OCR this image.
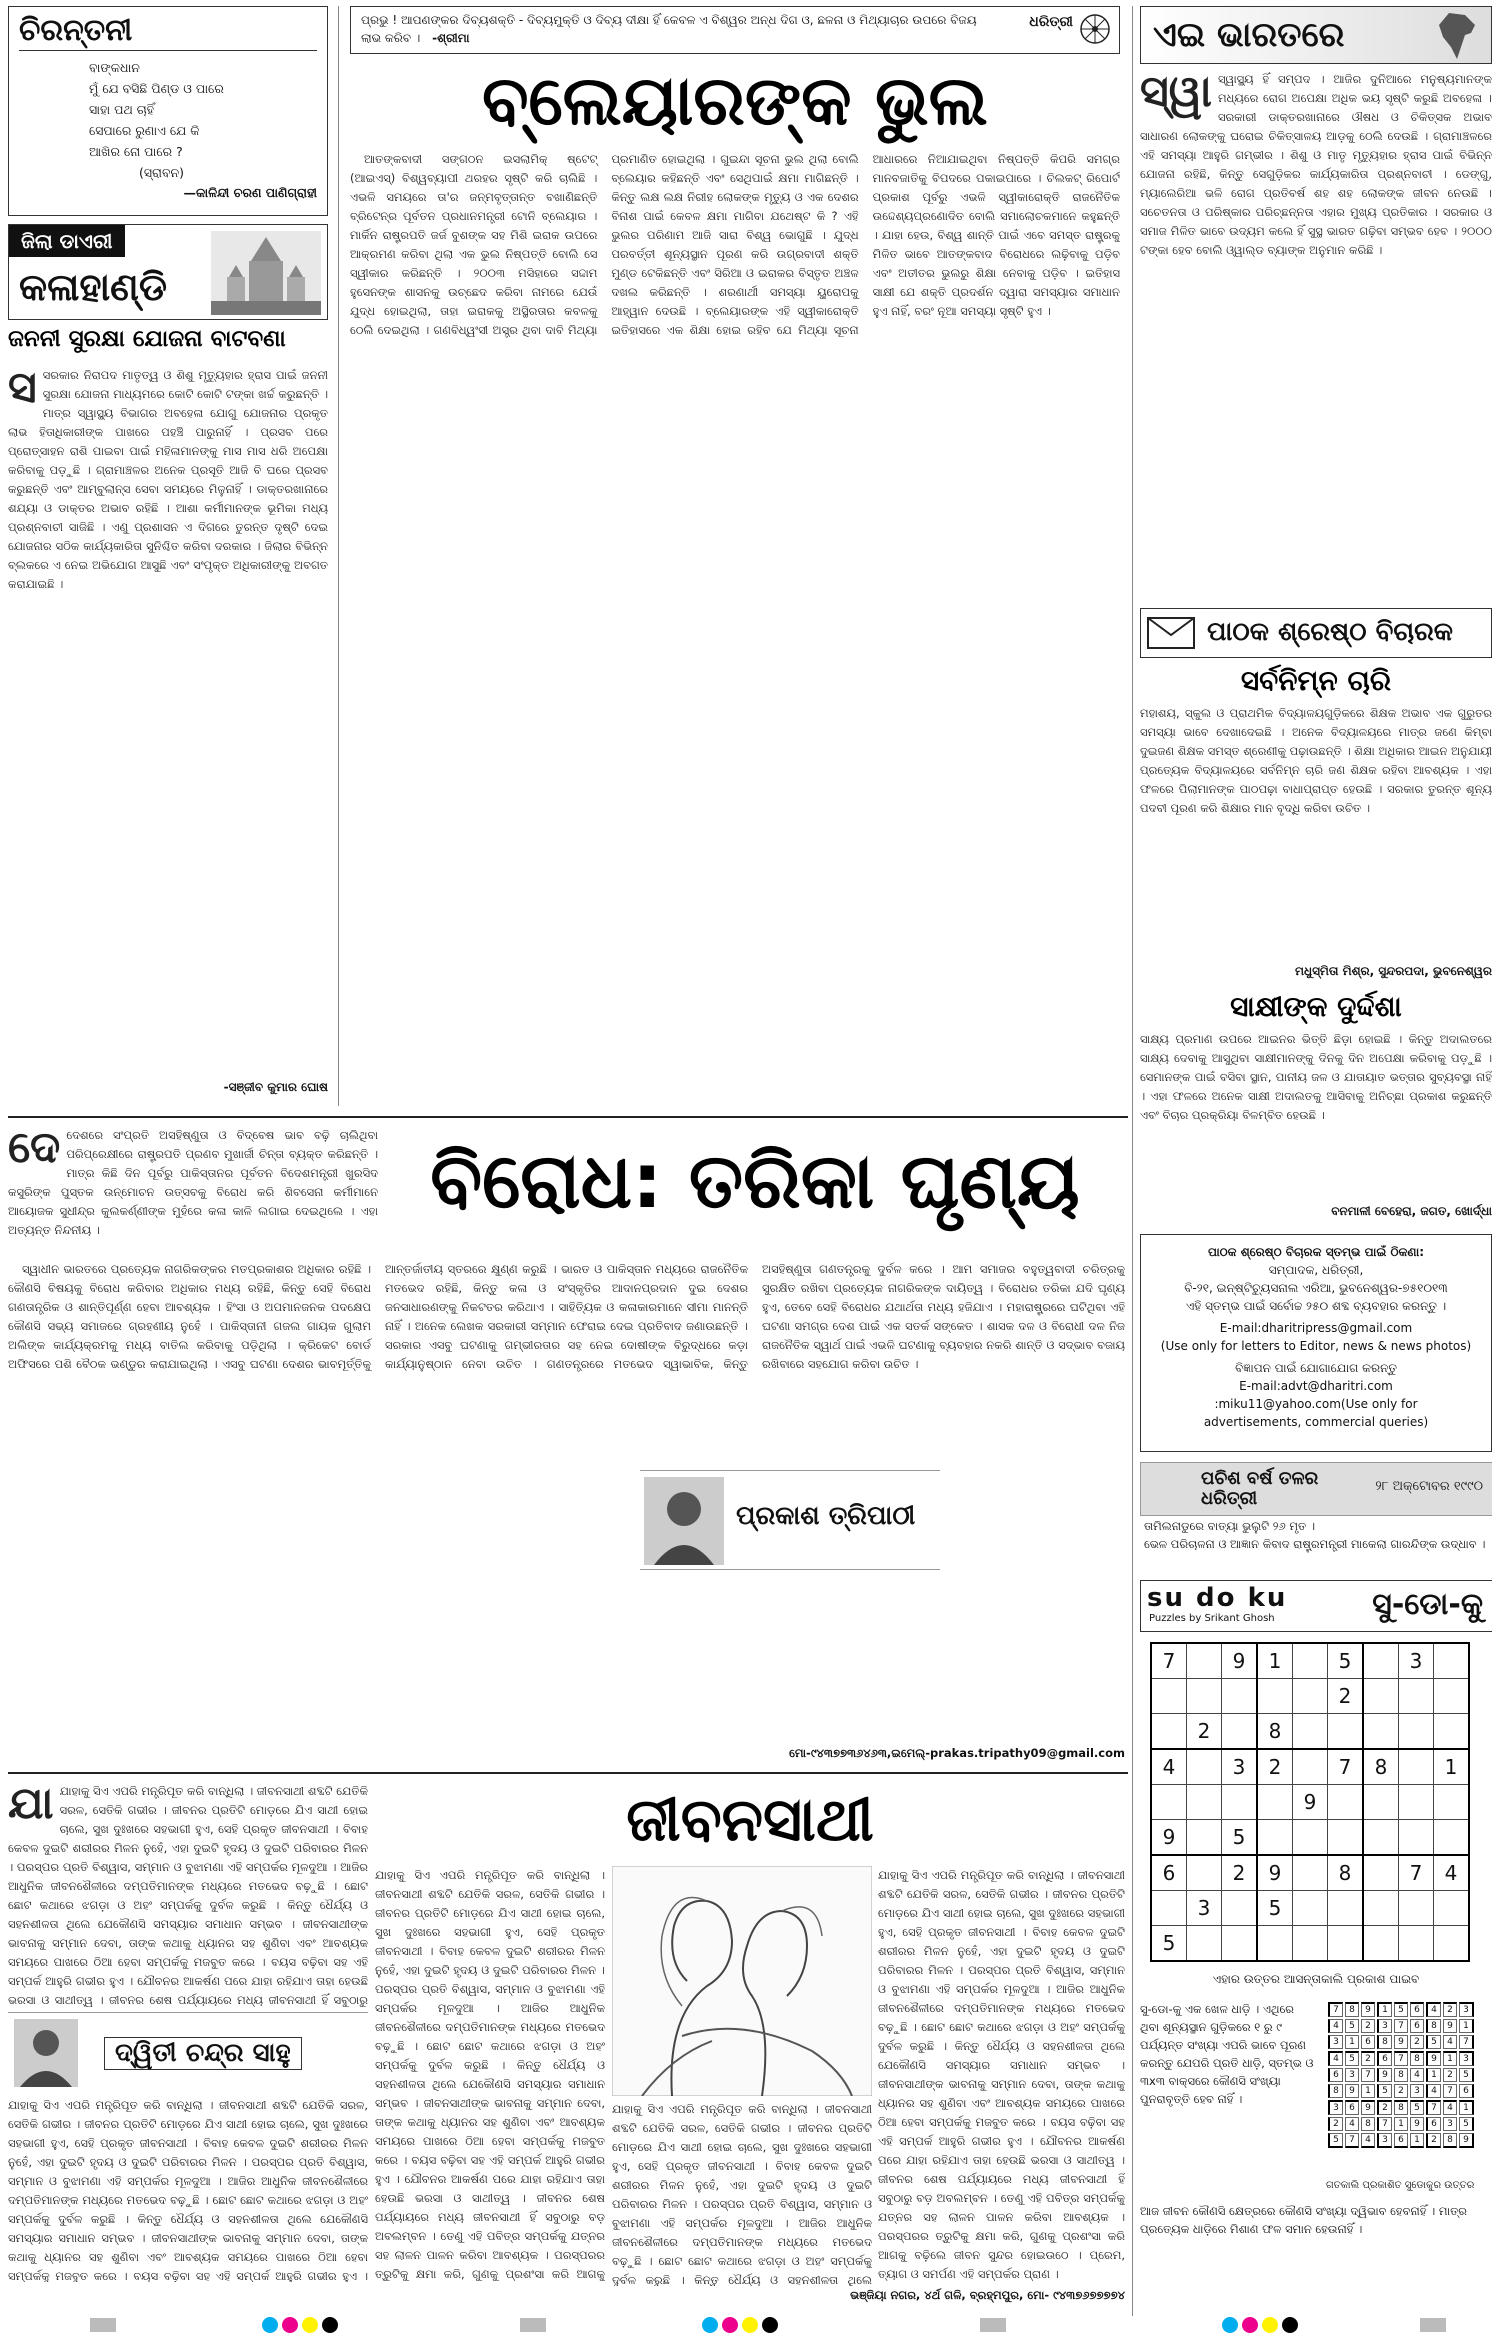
ଚିରନ୍ତନୀ
ବାଙ୍କଧାନ
ମୁଁ ଯେ ବସିଛି ପିଣ୍ଡ ଓ ପାରେ
ସାହା ପଥ ଚାହିଁ
ସେପାରେ ରୁଣାଏ ଯେ କି
ଆଖିର ନୋ ପାରେ ?
(ସ୍ରାବନ)
—କାଳିନ୍ଦୀ ଚରଣ ପାଣିଗ୍ରାହୀ
ଜିଲା ଡାଏରୀ
କଳାହାଣ୍ଡି
ଜନନୀ ସୁରକ୍ଷା ଯୋଜନା ବାଟବଣା
ସ ସରକାର ନିରାପଦ ମାତୃତ୍ୱ ଓ ଶିଶୁ ମୃତ୍ୟୁହାର ହ୍ରାସ ପାଇଁ ଜନନୀ ସୁରକ୍ଷା ଯୋଜନା ମାଧ୍ୟମରେ କୋଟି କୋଟି ଟଙ୍କା ଖର୍ଚ୍ଚ କରୁଛନ୍ତି । ମାତ୍ର ସ୍ୱାସ୍ଥ୍ୟ ବିଭାଗର ଅବହେଳା ଯୋଗୁ ଯୋଜନାର ପ୍ରକୃତ ଲାଭ ହିତାଧିକାରୀଙ୍କ ପାଖରେ ପହଞ୍ଚି ପାରୁନାହିଁ । ପ୍ରସବ ପରେ ପ୍ରୋତ୍ସାହନ ରାଶି ପାଇବା ପାଇଁ ମହିଳାମାନଙ୍କୁ ମାସ ମାସ ଧରି ଅପେକ୍ଷା କରିବାକୁ ପଡ଼ୁଛି । ଗ୍ରାମାଞ୍ଚଳର ଅନେକ ପ୍ରସୂତି ଆଜି ବି ଘରେ ପ୍ରସବ କରୁଛନ୍ତି ଏବଂ ଆମ୍ବୁଲାନ୍ସ ସେବା ସମୟରେ ମିଳୁନାହିଁ । ଡାକ୍ତରଖାନାରେ ଶଯ୍ୟା ଓ ଡାକ୍ତର ଅଭାବ ରହିଛି । ଆଶା କର୍ମୀମାନଙ୍କ ଭୂମିକା ମଧ୍ୟ ପ୍ରଶ୍ନବାଚୀ ସାଜିଛି । ଏଣୁ ପ୍ରଶାସନ ଏ ଦିଗରେ ତୁରନ୍ତ ଦୃଷ୍ଟି ଦେଇ ଯୋଜନାର ସଠିକ କାର୍ଯ୍ୟକାରିତା ସୁନିଶ୍ଚିତ କରିବା ଦରକାର । ଜିଲାର ବିଭିନ୍ନ ବ୍ଲକରେ ଏ ନେଇ ଅଭିଯୋଗ ଆସୁଛି ଏବଂ ସଂପୃକ୍ତ ଅଧିକାରୀଙ୍କୁ ଅବଗତ କରାଯାଇଛି ।
-ସଞ୍ଜୀବ କୁମାର ଘୋଷ
ପ୍ରଭୁ ! ଆପଣଙ୍କର ଦିବ୍ୟଶକ୍ତି - ଦିବ୍ୟମୁକ୍ତି ଓ ଦିବ୍ୟ ଦୀକ୍ଷା ହିଁ କେବଳ ଏ ବିଶ୍ୱର ଅନ୍ଧ ଦିଗ ଓ, ଛଳନା ଓ ମିଥ୍ୟାଚାର ଉପରେ ବିଜୟ ଲାଭ କରିବ । -ଶ୍ରୀମା
ଧରିତ୍ରୀ
ବ୍ଲେୟାରଙ୍କ ଭୁଲ

ଆତଙ୍କବାଦୀ ସଙ୍ଗଠନ ଇସଲାମିକ୍ ଷ୍ଟେଟ୍ (ଆଇଏସ୍) ବିଶ୍ୱବ୍ୟାପୀ ଥରହର ସୃଷ୍ଟି କରି ଚାଲିଛି । ଏଭଳି ସମୟରେ ତା'ର ଜନ୍ମବୃତ୍ତାନ୍ତ ବଖାଣିଛନ୍ତି ବ୍ରିଟେନ୍‌ର ପୂର୍ବତନ ପ୍ରଧାନମନ୍ତ୍ରୀ ଟୋନି ବ୍ଲେୟାର । ମାର୍କିନ ରାଷ୍ଟ୍ରପତି ଜର୍ଜ ବୁଶଙ୍କ ସହ ମିଶି ଇରାକ ଉପରେ ଆକ୍ରମଣ କରିବା ଥିଲା ଏକ ଭୁଲ ନିଷ୍ପତ୍ତି ବୋଲି ସେ ସ୍ୱୀକାର କରିଛନ୍ତି । ୨୦୦୩ ମସିହାରେ ସଦ୍ଦାମ ହୁସେନଙ୍କ ଶାସନକୁ ଉଚ୍ଛେଦ କରିବା ନାମରେ ଯେଉଁ ଯୁଦ୍ଧ ହୋଇଥିଲା, ତାହା ଇରାକକୁ ଅସ୍ଥିରତାର କବଳକୁ ଠେଲି ଦେଇଥିଲା । ଗଣବିଧ୍ୱଂସୀ ଅସ୍ତ୍ର ଥିବା ଦାବି ମିଥ୍ୟା ପ୍ରମାଣିତ ହୋଇଥିଲା । ଗୁଇନ୍ଦା ସୂଚନା ଭୁଲ ଥିଲା ବୋଲି ବ୍ଲେୟାର କହିଛନ୍ତି ଏବଂ ସେଥିପାଇଁ କ୍ଷମା ମାଗିଛନ୍ତି । କିନ୍ତୁ ଲକ୍ଷ ଲକ୍ଷ ନିରୀହ ଲୋକଙ୍କ ମୃତ୍ୟୁ ଓ ଏକ ଦେଶର ବିନାଶ ପାଇଁ କେବଳ କ୍ଷମା ମାଗିବା ଯଥେଷ୍ଟ କି ? ଏହି ଭୁଲର ପରିଣାମ ଆଜି ସାରା ବିଶ୍ୱ ଭୋଗୁଛି । ଯୁଦ୍ଧ ପରବର୍ତ୍ତୀ ଶୂନ୍ୟସ୍ଥାନ ପୂରଣ କରି ଉଗ୍ରବାଦୀ ଶକ୍ତି ମୁଣ୍ଡ ଟେକିଛନ୍ତି ଏବଂ ସିରିଆ ଓ ଇରାକର ବିସ୍ତୃତ ଅଞ୍ଚଳ ଦଖଲ କରିଛନ୍ତି । ଶରଣାର୍ଥୀ ସମସ୍ୟା ୟୁରୋପକୁ ଆହ୍ୱାନ ଦେଉଛି । ବ୍ଲେୟାରଙ୍କ ଏହି ସ୍ୱୀକାରୋକ୍ତି ଇତିହାସରେ ଏକ ଶିକ୍ଷା ହୋଇ ରହିବ ଯେ ମିଥ୍ୟା ସୂଚନା ଆଧାରରେ ନିଆଯାଇଥିବା ନିଷ୍ପତ୍ତି କିପରି ସମଗ୍ର ମାନବଜାତିକୁ ବିପଦରେ ପକାଇପାରେ । ଚିଲକଟ୍ ରିପୋର୍ଟ ପ୍ରକାଶ ପୂର୍ବରୁ ଏଭଳି ସ୍ୱୀକାରୋକ୍ତି ରାଜନୈତିକ ଉଦ୍ଦେଶ୍ୟପ୍ରଣୋଦିତ ବୋଲି ସମାଲୋଚକମାନେ କହୁଛନ୍ତି । ଯାହା ହେଉ, ବିଶ୍ୱ ଶାନ୍ତି ପାଇଁ ଏବେ ସମସ୍ତ ରାଷ୍ଟ୍ରକୁ ମିଳିତ ଭାବେ ଆତଙ୍କବାଦ ବିରୋଧରେ ଲଢ଼ିବାକୁ ପଡ଼ିବ ଏବଂ ଅତୀତର ଭୁଲରୁ ଶିକ୍ଷା ନେବାକୁ ପଡ଼ିବ । ଇତିହାସ ସାକ୍ଷୀ ଯେ ଶକ୍ତି ପ୍ରଦର୍ଶନ ଦ୍ୱାରା ସମସ୍ୟାର ସମାଧାନ ହୁଏ ନାହିଁ, ବରଂ ନୂଆ ସମସ୍ୟା ସୃଷ୍ଟି ହୁଏ ।

ଦେ ଦେଶରେ ସଂପ୍ରତି ଅସହିଷ୍ଣୁତା ଓ ବିଦ୍ବେଷ ଭାବ ବଢ଼ି ଚାଲିଥିବା ପରିପ୍ରେକ୍ଷୀରେ ରାଷ୍ଟ୍ରପତି ପ୍ରଣବ ମୁଖାର୍ଜୀ ଚିନ୍ତା ବ୍ୟକ୍ତ କରିଛନ୍ତି । ମାତ୍ର କିଛି ଦିନ ପୂର୍ବରୁ ପାକିସ୍ତାନର ପୂର୍ବତନ ବିଦେଶମନ୍ତ୍ରୀ ଖୁରସିଦ କସୁରିଙ୍କ ପୁସ୍ତକ ଉନ୍ମୋଚନ ଉତ୍ସବକୁ ବିରୋଧ କରି ଶିବସେନା କର୍ମୀମାନେ ଆୟୋଜକ ସୁଧୀନ୍ଦ୍ର କୁଲକର୍ଣ୍ଣୀଙ୍କ ମୁହଁରେ କଳା କାଳି ଲଗାଇ ଦେଇଥିଲେ । ଏହା ଅତ୍ୟନ୍ତ ନିନ୍ଦନୀୟ ।
ବିରୋଧ: ତରିକା ଘୃଣ୍ୟ

ସ୍ୱାଧୀନ ଭାରତରେ ପ୍ରତ୍ୟେକ ନାଗରିକଙ୍କର ମତପ୍ରକାଶର ଅଧିକାର ରହିଛି । କୌଣସି ବିଷୟକୁ ବିରୋଧ କରିବାର ଅଧିକାର ମଧ୍ୟ ରହିଛି, କିନ୍ତୁ ସେହି ବିରୋଧ ଗଣତାନ୍ତ୍ରିକ ଓ ଶାନ୍ତିପୂର୍ଣ୍ଣ ହେବା ଆବଶ୍ୟକ । ହିଂସା ଓ ଅପମାନଜନକ ପଦକ୍ଷେପ କୌଣସି ସଭ୍ୟ ସମାଜରେ ଗ୍ରହଣୀୟ ନୁହେଁ । ପାକିସ୍ତାନୀ ଗଜଲ ଗାୟକ ଗୁଲାମ ଅଲିଙ୍କ କାର୍ଯ୍ୟକ୍ରମକୁ ମଧ୍ୟ ବାତିଲ କରିବାକୁ ପଡ଼ିଥିଲା । କ୍ରିକେଟ ବୋର୍ଡ ଅଫିସରେ ପଶି ବୈଠକ ଭଣ୍ଡୁର କରାଯାଇଥିଲା । ଏସବୁ ଘଟଣା ଦେଶର ଭାବମୂର୍ତ୍ତିକୁ ଆନ୍ତର୍ଜାତୀୟ ସ୍ତରରେ କ୍ଷୁଣ୍ଣ କରୁଛି । ଭାରତ ଓ ପାକିସ୍ତାନ ମଧ୍ୟରେ ରାଜନୈତିକ ମତଭେଦ ରହିଛି, କିନ୍ତୁ କଳା ଓ ସଂସ୍କୃତିର ଆଦାନପ୍ରଦାନ ଦୁଇ ଦେଶର ଜନସାଧାରଣଙ୍କୁ ନିକଟତର କରିଥାଏ । ସାହିତ୍ୟିକ ଓ କଳାକାରମାନେ ସୀମା ମାନନ୍ତି ନାହିଁ । ଅନେକ ଲେଖକ ସରକାରୀ ସମ୍ମାନ ଫେରାଇ ଦେଇ ପ୍ରତିବାଦ ଜଣାଉଛନ୍ତି । ସରକାର ଏସବୁ ଘଟଣାକୁ ଗମ୍ଭୀରତାର ସହ ନେଇ ଦୋଷୀଙ୍କ ବିରୁଦ୍ଧରେ କଡ଼ା କାର୍ଯ୍ୟାନୁଷ୍ଠାନ ନେବା ଉଚିତ । ଗଣତନ୍ତ୍ରରେ ମତଭେଦ ସ୍ୱାଭାବିକ, କିନ୍ତୁ ଅସହିଷ୍ଣୁତା ଗଣତନ୍ତ୍ରକୁ ଦୁର୍ବଳ କରେ । ଆମ ସମାଜର ବହୁତ୍ୱବାଦୀ ଚରିତ୍ରକୁ ସୁରକ୍ଷିତ ରଖିବା ପ୍ରତ୍ୟେକ ନାଗରିକଙ୍କ ଦାୟିତ୍ୱ । ବିରୋଧର ତରିକା ଯଦି ଘୃଣ୍ୟ ହୁଏ, ତେବେ ସେହି ବିରୋଧର ଯଥାର୍ଥତା ମଧ୍ୟ ହଜିଯାଏ । ମହାରାଷ୍ଟ୍ରରେ ଘଟିଥିବା ଏହି ଘଟଣା ସମଗ୍ର ଦେଶ ପାଇଁ ଏକ ସତର୍କ ସଙ୍କେତ । ଶାସକ ଦଳ ଓ ବିରୋଧୀ ଦଳ ନିଜ ରାଜନୈତିକ ସ୍ୱାର୍ଥ ପାଇଁ ଏଭଳି ଘଟଣାକୁ ବ୍ୟବହାର ନକରି ଶାନ୍ତି ଓ ସଦ୍ଭାବ ବଜାୟ ରଖିବାରେ ସହଯୋଗ କରିବା ଉଚିତ ।

ପ୍ରକାଶ ତ୍ରିପାଠୀ
ମୋ-୯୪୩୭୭୩୬୪୬୩,ଇମେଲ୍-prakas.tripathy09@gmail.com
ଯା ଯାହାକୁ ସିଏ ଏପରି ମନ୍ତ୍ରିପୂତ କରି ବାନ୍ଧିଲା । ଜୀବନସାଥୀ ଶବ୍ଦଟି ଯେତିକି ସରଳ, ସେତିକି ଗଭୀର । ଜୀବନର ପ୍ରତିଟି ମୋଡ଼ରେ ଯିଏ ସାଥୀ ହୋଇ ଚାଲେ, ସୁଖ ଦୁଃଖରେ ସହଭାଗୀ ହୁଏ, ସେହି ପ୍ରକୃତ ଜୀବନସାଥୀ । ବିବାହ କେବଳ ଦୁଇଟି ଶରୀରର ମିଳନ ନୁହେଁ, ଏହା ଦୁଇଟି ହୃଦୟ ଓ ଦୁଇଟି ପରିବାରର ମିଳନ । ପରସ୍ପର ପ୍ରତି ବିଶ୍ୱାସ, ସମ୍ମାନ ଓ ବୁଝାମଣା ଏହି ସମ୍ପର୍କର ମୂଳଦୁଆ । ଆଜିର ଆଧୁନିକ ଜୀବନଶୈଳୀରେ ଦମ୍ପତିମାନଙ୍କ ମଧ୍ୟରେ ମତଭେଦ ବଢ଼ୁଛି । ଛୋଟ ଛୋଟ କଥାରେ ଝଗଡ଼ା ଓ ଅହଂ ସମ୍ପର୍କକୁ ଦୁର୍ବଳ କରୁଛି । କିନ୍ତୁ ଧୈର୍ଯ୍ୟ ଓ ସହନଶୀଳତା ଥିଲେ ଯେକୌଣସି ସମସ୍ୟାର ସମାଧାନ ସମ୍ଭବ । ଜୀବନସାଥୀଙ୍କ ଭାବନାକୁ ସମ୍ମାନ ଦେବା, ତାଙ୍କ କଥାକୁ ଧ୍ୟାନର ସହ ଶୁଣିବା ଏବଂ ଆବଶ୍ୟକ ସମୟରେ ପାଖରେ ଠିଆ ହେବା ସମ୍ପର୍କକୁ ମଜବୁତ କରେ । ବୟସ ବଢ଼ିବା ସହ ଏହି ସମ୍ପର୍କ ଆହୁରି ଗଭୀର ହୁଏ । ଯୌବନର ଆକର୍ଷଣ ପରେ ଯାହା ରହିଯାଏ ତାହା ହେଉଛି ଭରସା ଓ ସାଥୀତ୍ୱ । ଜୀବନର ଶେଷ ପର୍ଯ୍ୟାୟରେ ମଧ୍ୟ ଜୀବନସାଥୀ ହିଁ ସବୁଠାରୁ
ଦ୍ୱିତୀ ଚନ୍ଦ୍ର ସାହୁ
ଯାହାକୁ ସିଏ ଏପରି ମନ୍ତ୍ରିପୂତ କରି ବାନ୍ଧିଲା । ଜୀବନସାଥୀ ଶବ୍ଦଟି ଯେତିକି ସରଳ, ସେତିକି ଗଭୀର । ଜୀବନର ପ୍ରତିଟି ମୋଡ଼ରେ ଯିଏ ସାଥୀ ହୋଇ ଚାଲେ, ସୁଖ ଦୁଃଖରେ ସହଭାଗୀ ହୁଏ, ସେହି ପ୍ରକୃତ ଜୀବନସାଥୀ । ବିବାହ କେବଳ ଦୁଇଟି ଶରୀରର ମିଳନ ନୁହେଁ, ଏହା ଦୁଇଟି ହୃଦୟ ଓ ଦୁଇଟି ପରିବାରର ମିଳନ । ପରସ୍ପର ପ୍ରତି ବିଶ୍ୱାସ, ସମ୍ମାନ ଓ ବୁଝାମଣା ଏହି ସମ୍ପର୍କର ମୂଳଦୁଆ । ଆଜିର ଆଧୁନିକ ଜୀବନଶୈଳୀରେ ଦମ୍ପତିମାନଙ୍କ ମଧ୍ୟରେ ମତଭେଦ ବଢ଼ୁଛି । ଛୋଟ ଛୋଟ କଥାରେ ଝଗଡ଼ା ଓ ଅହଂ ସମ୍ପର୍କକୁ ଦୁର୍ବଳ କରୁଛି । କିନ୍ତୁ ଧୈର୍ଯ୍ୟ ଓ ସହନଶୀଳତା ଥିଲେ ଯେକୌଣସି ସମସ୍ୟାର ସମାଧାନ ସମ୍ଭବ । ଜୀବନସାଥୀଙ୍କ ଭାବନାକୁ ସମ୍ମାନ ଦେବା, ତାଙ୍କ କଥାକୁ ଧ୍ୟାନର ସହ ଶୁଣିବା ଏବଂ ଆବଶ୍ୟକ ସମୟରେ ପାଖରେ ଠିଆ ହେବା ସମ୍ପର୍କକୁ ମଜବୁତ କରେ । ବୟସ ବଢ଼ିବା ସହ ଏହି ସମ୍ପର୍କ ଆହୁରି ଗଭୀର ହୁଏ ।
ଜୀବନସାଥୀ
ଯାହାକୁ ସିଏ ଏପରି ମନ୍ତ୍ରିପୂତ କରି ବାନ୍ଧିଲା । ଜୀବନସାଥୀ ଶବ୍ଦଟି ଯେତିକି ସରଳ, ସେତିକି ଗଭୀର । ଜୀବନର ପ୍ରତିଟି ମୋଡ଼ରେ ଯିଏ ସାଥୀ ହୋଇ ଚାଲେ, ସୁଖ ଦୁଃଖରେ ସହଭାଗୀ ହୁଏ, ସେହି ପ୍ରକୃତ ଜୀବନସାଥୀ । ବିବାହ କେବଳ ଦୁଇଟି ଶରୀରର ମିଳନ ନୁହେଁ, ଏହା ଦୁଇଟି ହୃଦୟ ଓ ଦୁଇଟି ପରିବାରର ମିଳନ । ପରସ୍ପର ପ୍ରତି ବିଶ୍ୱାସ, ସମ୍ମାନ ଓ ବୁଝାମଣା ଏହି ସମ୍ପର୍କର ମୂଳଦୁଆ । ଆଜିର ଆଧୁନିକ ଜୀବନଶୈଳୀରେ ଦମ୍ପତିମାନଙ୍କ ମଧ୍ୟରେ ମତଭେଦ ବଢ଼ୁଛି । ଛୋଟ ଛୋଟ କଥାରେ ଝଗଡ଼ା ଓ ଅହଂ ସମ୍ପର୍କକୁ ଦୁର୍ବଳ କରୁଛି । କିନ୍ତୁ ଧୈର୍ଯ୍ୟ ଓ ସହନଶୀଳତା ଥିଲେ ଯେକୌଣସି ସମସ୍ୟାର ସମାଧାନ ସମ୍ଭବ । ଜୀବନସାଥୀଙ୍କ ଭାବନାକୁ ସମ୍ମାନ ଦେବା, ତାଙ୍କ କଥାକୁ ଧ୍ୟାନର ସହ ଶୁଣିବା ଏବଂ ଆବଶ୍ୟକ ସମୟରେ ପାଖରେ ଠିଆ ହେବା ସମ୍ପର୍କକୁ ମଜବୁତ କରେ । ବୟସ ବଢ଼ିବା ସହ ଏହି ସମ୍ପର୍କ ଆହୁରି ଗଭୀର ହୁଏ । ଯୌବନର ଆକର୍ଷଣ ପରେ ଯାହା ରହିଯାଏ ତାହା ହେଉଛି ଭରସା ଓ ସାଥୀତ୍ୱ । ଜୀବନର ଶେଷ ପର୍ଯ୍ୟାୟରେ ମଧ୍ୟ ଜୀବନସାଥୀ ହିଁ ସବୁଠାରୁ ବଡ଼ ଅବଲମ୍ବନ । ତେଣୁ ଏହି ପବିତ୍ର ସମ୍ପର୍କକୁ ଯତ୍ନର ସହ ଲାଳନ ପାଳନ କରିବା ଆବଶ୍ୟକ । ପରସ୍ପରର ତ୍ରୁଟିକୁ କ୍ଷମା କରି, ଗୁଣକୁ ପ୍ରଶଂସା କରି ଆଗକୁ
ଯାହାକୁ ସିଏ ଏପରି ମନ୍ତ୍ରିପୂତ କରି ବାନ୍ଧିଲା । ଜୀବନସାଥୀ ଶବ୍ଦଟି ଯେତିକି ସରଳ, ସେତିକି ଗଭୀର । ଜୀବନର ପ୍ରତିଟି ମୋଡ଼ରେ ଯିଏ ସାଥୀ ହୋଇ ଚାଲେ, ସୁଖ ଦୁଃଖରେ ସହଭାଗୀ ହୁଏ, ସେହି ପ୍ରକୃତ ଜୀବନସାଥୀ । ବିବାହ କେବଳ ଦୁଇଟି ଶରୀରର ମିଳନ ନୁହେଁ, ଏହା ଦୁଇଟି ହୃଦୟ ଓ ଦୁଇଟି ପରିବାରର ମିଳନ । ପରସ୍ପର ପ୍ରତି ବିଶ୍ୱାସ, ସମ୍ମାନ ଓ ବୁଝାମଣା ଏହି ସମ୍ପର୍କର ମୂଳଦୁଆ । ଆଜିର ଆଧୁନିକ ଜୀବନଶୈଳୀରେ ଦମ୍ପତିମାନଙ୍କ ମଧ୍ୟରେ ମତଭେଦ ବଢ଼ୁଛି । ଛୋଟ ଛୋଟ କଥାରେ ଝଗଡ଼ା ଓ ଅହଂ ସମ୍ପର୍କକୁ ଦୁର୍ବଳ କରୁଛି । କିନ୍ତୁ ଧୈର୍ଯ୍ୟ ଓ ସହନଶୀଳତା ଥିଲେ ଯେକୌଣସି ସମସ୍ୟାର ସମାଧାନ ସମ୍ଭବ । ଜୀବନସାଥୀଙ୍କ ଭାବନାକୁ ସମ୍ମାନ ଦେବା, ତାଙ୍କ କଥାକୁ ଧ୍ୟାନର ସହ ଶୁଣିବା ଏବଂ ଆବଶ୍ୟକ ସମୟରେ ପାଖରେ ଠିଆ ହେବା ସମ୍ପର୍କକୁ ମଜବୁତ କରେ । ବୟସ ବଢ଼ିବା ସହ ଏହି ସମ୍ପର୍କ ଆହୁରି ଗଭୀର ହୁଏ । ଯୌବନର ଆକର୍ଷଣ ପରେ ଯାହା ରହିଯାଏ ତାହା ହେଉଛି ଭରସା ଓ ସାଥୀତ୍ୱ । ଜୀବନର ଶେଷ ପର୍ଯ୍ୟାୟରେ ମଧ୍ୟ ଜୀବନସାଥୀ ହିଁ ସବୁଠାରୁ ବଡ଼ ଅବଲମ୍ବନ । ତେଣୁ ଏହି ପବିତ୍ର ସମ୍ପର୍କକୁ ଯତ୍ନର ସହ ଲାଳନ ପାଳନ କରିବା ଆବଶ୍ୟକ । ପରସ୍ପରର ତ୍ରୁଟିକୁ କ୍ଷମା କରି, ଗୁଣକୁ ପ୍ରଶଂସା କରି ଆଗକୁ ବଢ଼ିଲେ ଜୀବନ ସୁନ୍ଦର ହୋଇଉଠେ । ପ୍ରେମ, ତ୍ୟାଗ ଓ ସମର୍ପଣ ଏହି ସମ୍ପର୍କର ପ୍ରାଣ ।
ଯାହାକୁ ସିଏ ଏପରି ମନ୍ତ୍ରିପୂତ କରି ବାନ୍ଧିଲା । ଜୀବନସାଥୀ ଶବ୍ଦଟି ଯେତିକି ସରଳ, ସେତିକି ଗଭୀର । ଜୀବନର ପ୍ରତିଟି ମୋଡ଼ରେ ଯିଏ ସାଥୀ ହୋଇ ଚାଲେ, ସୁଖ ଦୁଃଖରେ ସହଭାଗୀ ହୁଏ, ସେହି ପ୍ରକୃତ ଜୀବନସାଥୀ । ବିବାହ କେବଳ ଦୁଇଟି ଶରୀରର ମିଳନ ନୁହେଁ, ଏହା ଦୁଇଟି ହୃଦୟ ଓ ଦୁଇଟି ପରିବାରର ମିଳନ । ପରସ୍ପର ପ୍ରତି ବିଶ୍ୱାସ, ସମ୍ମାନ ଓ ବୁଝାମଣା ଏହି ସମ୍ପର୍କର ମୂଳଦୁଆ । ଆଜିର ଆଧୁନିକ ଜୀବନଶୈଳୀରେ ଦମ୍ପତିମାନଙ୍କ ମଧ୍ୟରେ ମତଭେଦ ବଢ଼ୁଛି । ଛୋଟ ଛୋଟ କଥାରେ ଝଗଡ଼ା ଓ ଅହଂ ସମ୍ପର୍କକୁ ଦୁର୍ବଳ କରୁଛି । କିନ୍ତୁ ଧୈର୍ଯ୍ୟ ଓ ସହନଶୀଳତା ଥିଲେ
ଭଞ୍ଜିୟା ନଗର, ୪ର୍ଥ ଗଳି, ବ୍ରହ୍ମପୁର, ମୋ- ୯୪୩୭୬୭୭୭୭୪
ଏଇ ଭାରତରେ
ସ୍ୱା ସ୍ୱାସ୍ଥ୍ୟ ହିଁ ସମ୍ପଦ । ଆଜିର ଦୁନିଆରେ ମନୁଷ୍ୟମାନଙ୍କ ମଧ୍ୟରେ ରୋଗ ଅପେକ୍ଷା ଅଧିକ ଭୟ ସୃଷ୍ଟି କରୁଛି ଅବହେଳା । ସରକାରୀ ଡାକ୍ତରଖାନାରେ ଔଷଧ ଓ ଚିକିତ୍ସକ ଅଭାବ ସାଧାରଣ ଲୋକଙ୍କୁ ଘରୋଇ ଚିକିତ୍ସାଳୟ ଆଡ଼କୁ ଠେଲି ଦେଉଛି । ଗ୍ରାମାଞ୍ଚଳରେ ଏହି ସମସ୍ୟା ଆହୁରି ଗମ୍ଭୀର । ଶିଶୁ ଓ ମାତୃ ମୃତ୍ୟୁହାର ହ୍ରାସ ପାଇଁ ବିଭିନ୍ନ ଯୋଜନା ରହିଛି, କିନ୍ତୁ ସେଗୁଡ଼ିକର କାର୍ଯ୍ୟକାରିତା ପ୍ରଶ୍ନବାଚୀ । ଡେଙ୍ଗୁ, ମ୍ୟାଲେରିଆ ଭଳି ରୋଗ ପ୍ରତିବର୍ଷ ଶହ ଶହ ଲୋକଙ୍କ ଜୀବନ ନେଉଛି । ସଚେତନତା ଓ ପରିଷ୍କାର ପରିଚ୍ଛନ୍ନତା ଏହାର ମୁଖ୍ୟ ପ୍ରତିକାର । ସରକାର ଓ ସମାଜ ମିଳିତ ଭାବେ ଉଦ୍ୟମ କଲେ ହିଁ ସୁସ୍ଥ ଭାରତ ଗଢ଼ିବା ସମ୍ଭବ ହେବ । ୨୦୦୦ ଟଙ୍କା ହେବ ବୋଲି ଓ୍ୱାଲ୍ଡ ବ୍ୟାଙ୍କ ଅନୁମାନ କରିଛି ।
ପାଠକ ଶ୍ରେଷ୍ଠ ବିଚାରକ
ସର୍ବନିମ୍ନ ଚାରି
ମହାଶୟ, ସ୍କୁଲ ଓ ପ୍ରାଥମିକ ବିଦ୍ୟାଳୟଗୁଡ଼ିକରେ ଶିକ୍ଷକ ଅଭାବ ଏକ ଗୁରୁତର ସମସ୍ୟା ଭାବେ ଦେଖାଦେଇଛି । ଅନେକ ବିଦ୍ୟାଳୟରେ ମାତ୍ର ଜଣେ କିମ୍ବା ଦୁଇଜଣ ଶିକ୍ଷକ ସମସ୍ତ ଶ୍ରେଣୀକୁ ପଢ଼ାଉଛନ୍ତି । ଶିକ୍ଷା ଅଧିକାର ଆଇନ ଅନୁଯାୟୀ ପ୍ରତ୍ୟେକ ବିଦ୍ୟାଳୟରେ ସର୍ବନିମ୍ନ ଚାରି ଜଣ ଶିକ୍ଷକ ରହିବା ଆବଶ୍ୟକ । ଏହା ଫଳରେ ପିଲାମାନଙ୍କ ପାଠପଢ଼ା ବାଧାପ୍ରାପ୍ତ ହେଉଛି । ସରକାର ତୁରନ୍ତ ଶୂନ୍ୟ ପଦବୀ ପୂରଣ କରି ଶିକ୍ଷାର ମାନ ବୃଦ୍ଧି କରିବା ଉଚିତ ।
ମଧୁସ୍ମିତା ମିଶ୍ର, ସୁନ୍ଦରପଦା, ଭୁବନେଶ୍ୱର
ସାକ୍ଷୀଙ୍କ ଦୁର୍ଦ୍ଦଶା
ସାକ୍ଷ୍ୟ ପ୍ରମାଣ ଉପରେ ଆଇନର ଭିତ୍ତି ଛିଡ଼ା ହୋଇଛି । କିନ୍ତୁ ଅଦାଲତରେ ସାକ୍ଷ୍ୟ ଦେବାକୁ ଆସୁଥିବା ସାକ୍ଷୀମାନଙ୍କୁ ଦିନକୁ ଦିନ ଅପେକ୍ଷା କରିବାକୁ ପଡ଼ୁଛି । ସେମାନଙ୍କ ପାଇଁ ବସିବା ସ୍ଥାନ, ପାନୀୟ ଜଳ ଓ ଯାତାୟାତ ଭତ୍ତାର ସୁବ୍ୟବସ୍ଥା ନାହିଁ । ଏହା ଫଳରେ ଅନେକ ସାକ୍ଷୀ ଅଦାଲତକୁ ଆସିବାକୁ ଅନିଚ୍ଛା ପ୍ରକାଶ କରୁଛନ୍ତି ଏବଂ ବିଚାର ପ୍ରକ୍ରିୟା ବିଳମ୍ବିତ ହେଉଛି ।
ବନମାଳୀ ବେହେରା, ଜଗତ, ଖୋର୍ଦ୍ଧା
ପାଠକ ଶ୍ରେଷ୍ଠ ବିଚାରକ ସ୍ତମ୍ଭ ପାଇଁ ଠିକଣା:
ସମ୍ପାଦକ, ଧରିତ୍ରୀ,
ବି-୨୧, ଇନ୍‌ଷ୍ଟିଚ୍ୟୁସନାଲ ଏରିଆ, ଭୁବନେଶ୍ୱର-୭୫୧୦୧୩
ଏହି ସ୍ତମ୍ଭ ପାଇଁ ସର୍ବୋଚ୍ଚ ୨୫୦ ଶବ୍ଦ ବ୍ୟବହାର କରନ୍ତୁ ।
E-mail:dharitripress@gmail.com
(Use only for letters to Editor, news & news photos)
ବିଜ୍ଞାପନ ପାଇଁ ଯୋଗାଯୋଗ କରନ୍ତୁ
E-mail:advt@dharitri.com
:miku11@yahoo.com(Use only for
advertisements, commercial queries)
ପଚିଶ ବର୍ଷ ତଳର ଧରିତ୍ରୀ
୨୮ ଅକ୍ଟୋବର ୧୯୯୦
ତାମିଲନାଡୁରେ ବାତ୍ୟା ଭୁଲୁଟି ୨୬ ମୃତ ।
ଭେଳ ପରିଚାଳନା ଓ ଆଜ୍ଞାନ କିବାଦ ରାଷ୍ଟ୍ରମନ୍ତ୍ରୀ ମାକେଲା ଗାରନ୍ଦିଙ୍କ ଉଦ୍ଧାବ ।
su do ku
Puzzles by Srikant Ghosh	ସୁ-ଡୋ-କୁ
7		9	1		5		3	
					2			
	2		8					
4		3	2		7	8		1
				9				
9		5						
6		2	9		8		7	4
	3		5					
5								
ଏହାର ଉତ୍ତର ଆସନ୍ତାକାଲି ପ୍ରକାଶ ପାଇବ
ସୁ-ଡୋ-କୁ ଏକ ଖେଳ ଧାଡ଼ି । ଏଥିରେ ଥିବା ଶୂନ୍ୟସ୍ଥାନ ଗୁଡ଼ିକରେ ୧ ରୁ ୯ ପର୍ଯ୍ୟନ୍ତ ସଂଖ୍ୟା ଏପରି ଭାବେ ପୂରଣ କରନ୍ତୁ ଯେପରି ପ୍ରତି ଧାଡ଼ି, ସ୍ତମ୍ଭ ଓ ୩x୩ ବାକ୍ସରେ କୌଣସି ସଂଖ୍ୟା ପୁନରାବୃତ୍ତି ହେବ ନାହିଁ ।
7	8	9	1	5	6	4	2	3
4	5	2	3	7	6	8	9	1
3	1	6	8	9	2	5	4	7
4	5	2	6	7	8	9	1	3
6	3	7	9	8	4	1	2	5
8	9	1	5	2	3	4	7	6
3	6	9	2	8	5	7	4	1
2	4	8	7	1	9	6	3	5
5	7	4	3	6	1	2	8	9
ଗତକାଲି ପ୍ରକାଶିତ ସୁଡୋକୁର ଉତ୍ତର
ଆଜ ଜୀବନ କୌଣସି କ୍ଷେତ୍ରରେ କୌଣସି ସଂଖ୍ୟା ଦ୍ୱିଭାବ ହେବନାହିଁ । ମାତ୍ର ପ୍ରତ୍ୟେକ ଧାଡ଼ିରେ ମିଶାଣ ଫଳ ସମାନ ହେଉନାହିଁ ।
